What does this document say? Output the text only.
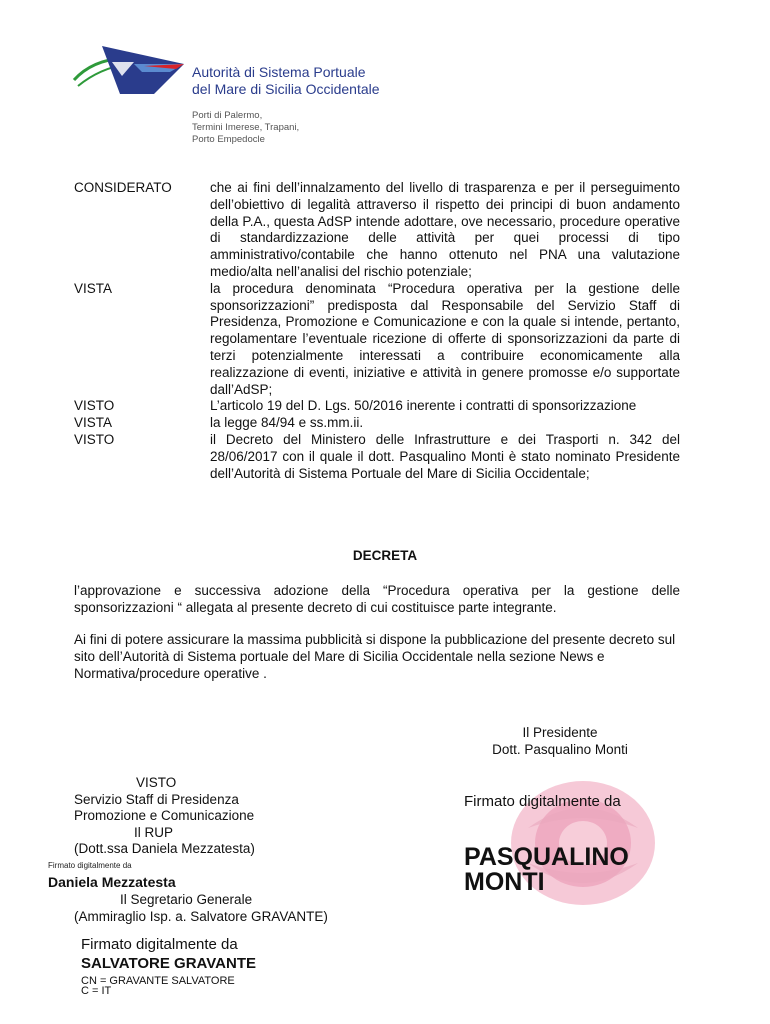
Autorità di Sistema Portuale
del Mare di Sicilia Occidentale
Porti di Palermo,
Termini Imerese, Trapani,
Porto Empedocle
CONSIDERATO	che ai fini dell’innalzamento del livello di trasparenza e per il perseguimento dell’obiettivo di legalità attraverso il rispetto dei principi di buon andamento della P.A., questa AdSP intende adottare, ove necessario, procedure operative di standardizzazione delle attività per quei processi di tipo amministrativo/contabile che hanno ottenuto nel PNA una valutazione medio/alta nell’analisi del rischio potenziale;
VISTA	la procedura denominata “Procedura operativa per la gestione delle sponsorizzazioni” predisposta dal Responsabile del Servizio Staff di Presidenza, Promozione e Comunicazione e con la quale si intende, pertanto, regolamentare l’eventuale ricezione di offerte di sponsorizzazioni da parte di terzi potenzialmente interessati a contribuire economicamente alla realizzazione di eventi, iniziative e attività in genere promosse e/o supportate dall’AdSP;
VISTO	L’articolo 19 del D. Lgs. 50/2016 inerente i contratti di sponsorizzazione
VISTA	la legge 84/94 e ss.mm.ii.
VISTO	il Decreto del Ministero delle Infrastrutture e dei Trasporti n. 342 del 28/06/2017 con il quale il dott. Pasqualino Monti è stato nominato Presidente dell’Autorità di Sistema Portuale del Mare di Sicilia Occidentale;
DECRETA
l’approvazione e successiva adozione della “Procedura operativa per la gestione delle sponsorizzazioni “ allegata al presente decreto di cui costituisce parte integrante.
Ai fini di potere assicurare la massima pubblicità si dispone la pubblicazione del presente decreto sul sito dell’Autorità di Sistema portuale del Mare di Sicilia Occidentale nella sezione News e Normativa/procedure operative .
Il Presidente
Dott. Pasqualino Monti
VISTO
Servizio Staff di Presidenza
Promozione e Comunicazione
Il RUP
(Dott.ssa Daniela Mezzatesta)
Firmato digitalmente da
Daniela Mezzatesta
Il Segretario Generale
(Ammiraglio Isp. a. Salvatore GRAVANTE)
Firmato digitalmente da
PASQUALINO
MONTI
Firmato digitalmente da
SALVATORE GRAVANTE
CN = GRAVANTE SALVATORE
C = IT
